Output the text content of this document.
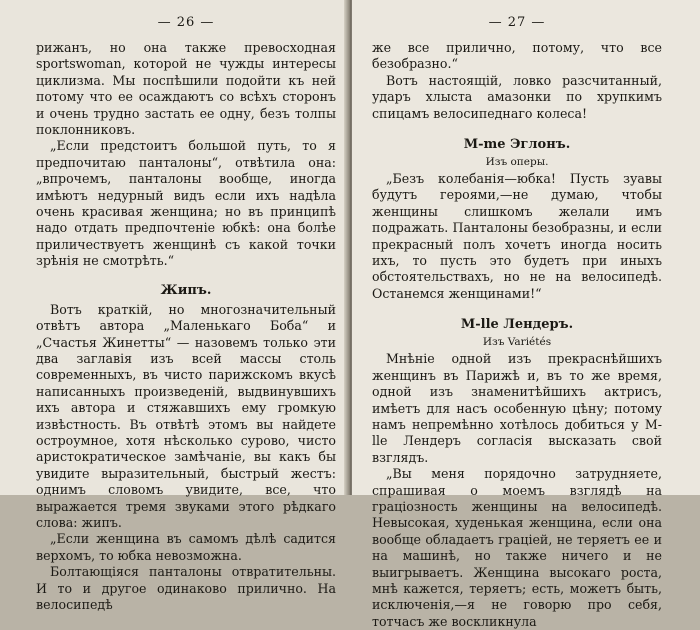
— 26 —

рижанъ, но она также превосходная sportswoman, которой не чужды интересы циклизма. Мы поспѣшили подойти къ ней потому что ее осаждаютъ со всѣхъ сторонъ и очень трудно застать ее одну, безъ толпы поклонниковъ.

„Если предстоитъ большой путь, то я предпочитаю панталоны“, отвѣтила она: „впрочемъ, панталоны вообще, иногда имѣютъ недурный видъ если ихъ надѣла очень красивая женщина; но въ принципѣ надо отдать предпочтеніе юбкѣ: она болѣе приличествуетъ женщинѣ съ какой точки зрѣнія не смотрѣть.“

Жипъ.

Вотъ краткій, но многозначительный отвѣтъ автора „Маленькаго Боба“ и „Счастья Жинетты“ — назовемъ только эти два заглавія изъ всей массы столь современныхъ, въ чисто парижскомъ вкусѣ написанныхъ произведеній, выдвинувшихъ ихъ автора и стяжавшихъ ему громкую извѣстность. Въ отвѣтѣ этомъ вы найдете остроумное, хотя нѣсколько сурово, чисто аристократическое замѣчаніе, вы какъ бы увидите выразительный, быстрый жестъ: однимъ словомъ увидите, все, что выражается тремя звуками этого рѣдкаго слова: жипъ.

„Если женщина въ самомъ дѣлѣ садится верхомъ, то юбка невозможна.

Болтающіяся панталоны отвратительны. И то и другое одинаково прилично. На велосипедѣ

— 27 —

же все прилично, потому, что все безобразно.“

Вотъ настоящій, ловко разсчитанный, ударъ хлыста амазонки по хрупкимъ спицамъ велосипеднаго колеса!

М-me Эглонъ.
Изъ оперы.

„Безъ колебанія—юбка! Пусть зуавы будутъ героями,—не думаю, чтобы женщины слишкомъ желали имъ подражать. Панталоны безобразны, и если прекрасный полъ хочетъ иногда носить ихъ, то пусть это будетъ при иныхъ обстоятельствахъ, но не на велосипедѣ. Останемся женщинами!“

M-lle Лендеръ.
Изъ Variétés

Мнѣніе одной изъ прекраснѣйшихъ женщинъ въ Парижѣ и, въ то же время, одной изъ знаменитѣйшихъ актрисъ, имѣетъ для насъ особенную цѣну; потому намъ непремѣнно хотѣлось добиться у M-lle Лендеръ согласія высказать свой взглядъ.

„Вы меня порядочно затрудняете, спрашивая о моемъ взглядѣ на граціозность женщины на велосипедѣ. Невысокая, худенькая женщина, если она вообще обладаетъ граціей, не теряетъ ее и на машинѣ, но также ничего и не выигрываетъ. Женщина высокаго роста, мнѣ кажется, теряетъ; есть, можетъ быть, исключенія,—я не говорю про себя, тотчасъ же воскликнула
